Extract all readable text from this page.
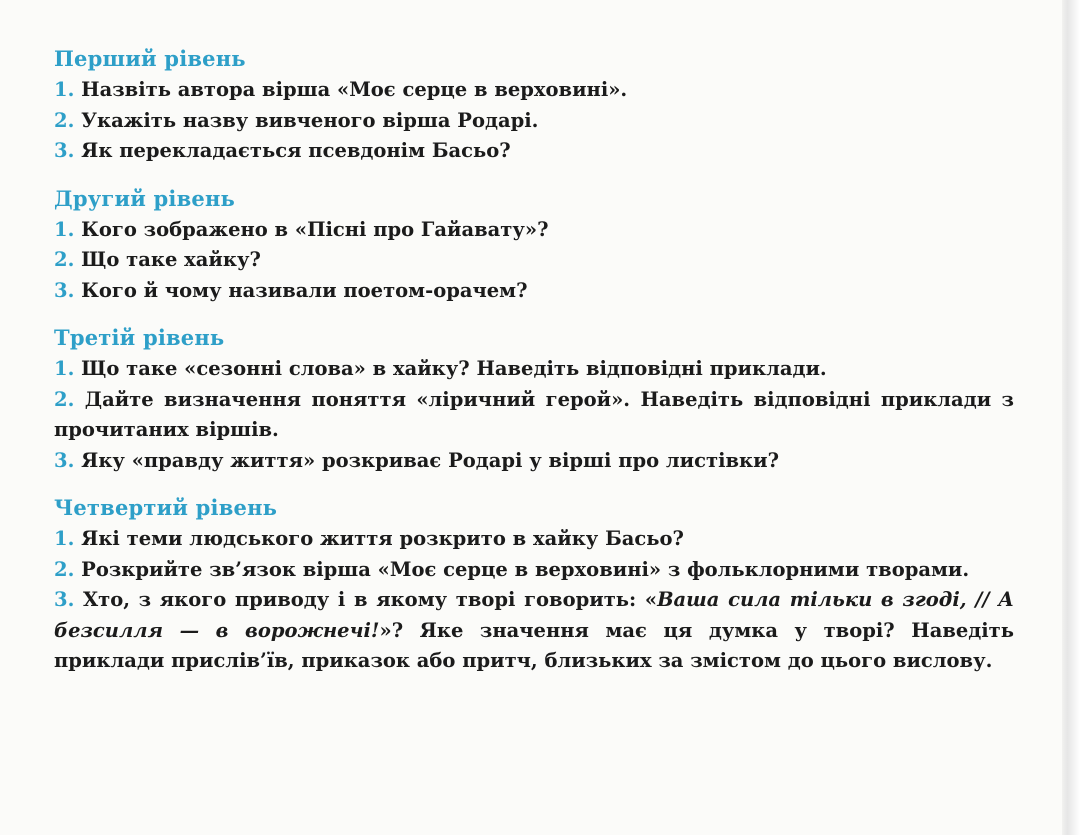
Перший рівень

1. Назвіть автора вірша «Моє серце в верховині».

2. Укажіть назву вивченого вірша Родарі.

3. Як перекладається псевдонім Басьо?

Другий рівень

1. Кого зображено в «Пісні про Гайавату»?

2. Що таке хайку?

3. Кого й чому називали поетом-орачем?

Третій рівень

1. Що таке «сезонні слова» в хайку? Наведіть відповідні приклади.

2. Дайте визначення поняття «ліричний герой». Наведіть відповідні приклади з прочитаних віршів.

3. Яку «правду життя» розкриває Родарі у вірші про листівки?

Четвертий рівень

1. Які теми людського життя розкрито в хайку Басьо?

2. Розкрийте зв’язок вірша «Моє серце в верховині» з фольклорними творами.

3. Хто, з якого приводу і в якому творі говорить: «Ваша сила тільки в згоді, // А безсилля — в ворожнечі!»? Яке значення має ця думка у творі? Наведіть приклади прислів’їв, приказок або притч, близьких за змістом до цього вислову.
